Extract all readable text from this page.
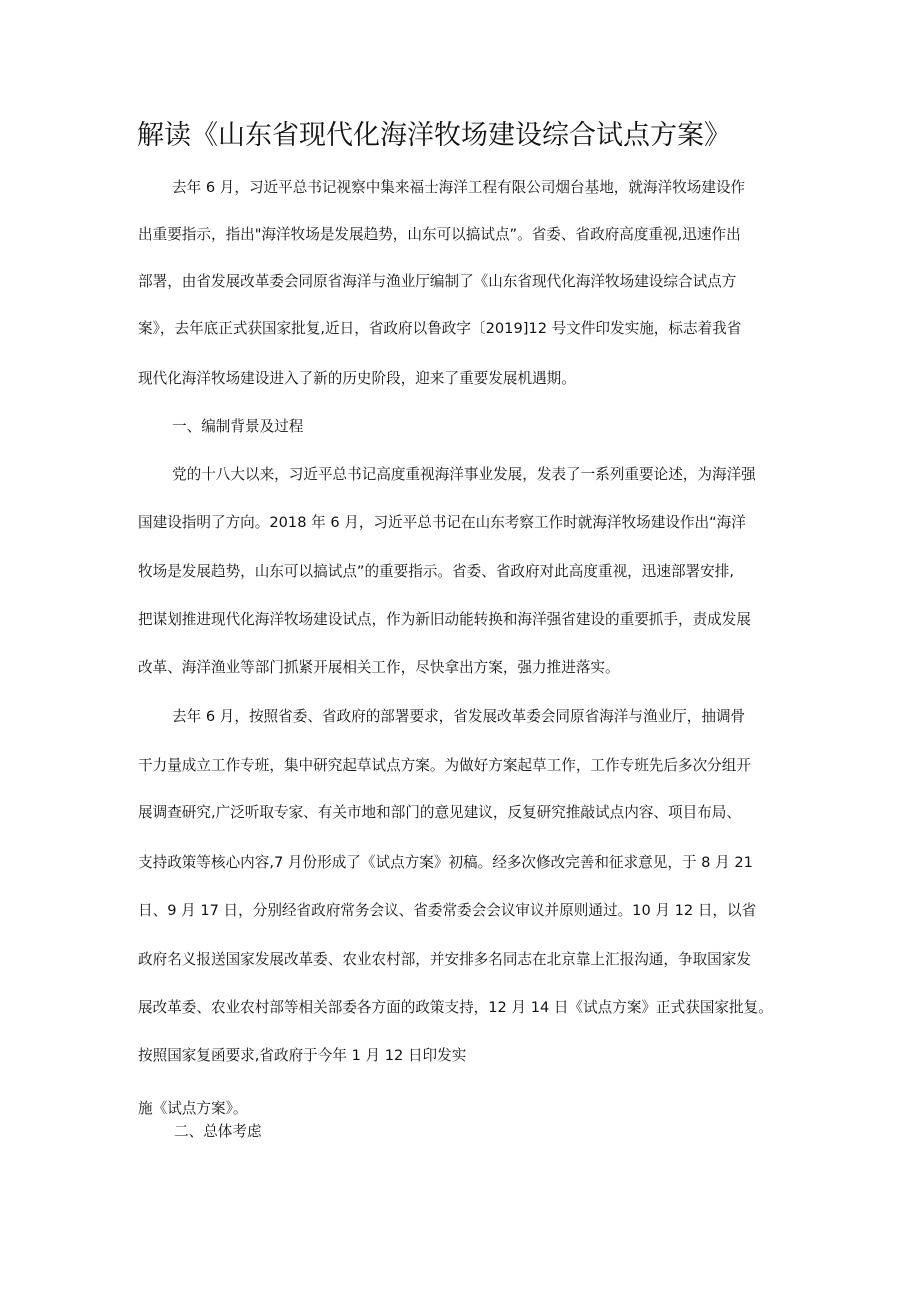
解读《山东省现代化海洋牧场建设综合试点方案》

去年 6 月，习近平总书记视察中集来福士海洋工程有限公司烟台基地，就海洋牧场建设作

出重要指示，指出"海洋牧场是发展趋势，山东可以搞试点”。省委、省政府高度重视,迅速作出

部署，由省发展改革委会同原省海洋与渔业厅编制了《山东省现代化海洋牧场建设综合试点方

案》，去年底正式获国家批复,近日，省政府以鲁政字〔2019]12 号文件印发实施，标志着我省

现代化海洋牧场建设进入了新的历史阶段，迎来了重要发展机遇期。

一、编制背景及过程

党的十八大以来，习近平总书记高度重视海洋事业发展，发表了一系列重要论述，为海洋强

国建设指明了方向。2018 年 6 月，习近平总书记在山东考察工作时就海洋牧场建设作出“海洋

牧场是发展趋势，山东可以搞试点”的重要指示。省委、省政府对此高度重视，迅速部署安排,

把谋划推进现代化海洋牧场建设试点，作为新旧动能转换和海洋强省建设的重要抓手，责成发展

改革、海洋渔业等部门抓紧开展相关工作，尽快拿出方案，强力推进落实。

去年 6 月，按照省委、省政府的部署要求，省发展改革委会同原省海洋与渔业厅，抽调骨

干力量成立工作专班，集中研究起草试点方案。为做好方案起草工作，工作专班先后多次分组开

展调查研究,广泛听取专家、有关市地和部门的意见建议，反复研究推敲试点内容、项目布局、

支持政策等核心内容,7 月份形成了《试点方案》初稿。经多次修改完善和征求意见，于 8 月 21

日、9 月 17 日，分别经省政府常务会议、省委常委会会议审议并原则通过。10 月 12 日，以省

政府名义报送国家发展改革委、农业农村部，并安排多名同志在北京靠上汇报沟通，争取国家发

展改革委、农业农村部等相关部委各方面的政策支持，12 月 14 日《试点方案》正式获国家批复。

按照国家复函要求,省政府于今年 1 月 12 日印发实

施《试点方案》。

二、总体考虑
